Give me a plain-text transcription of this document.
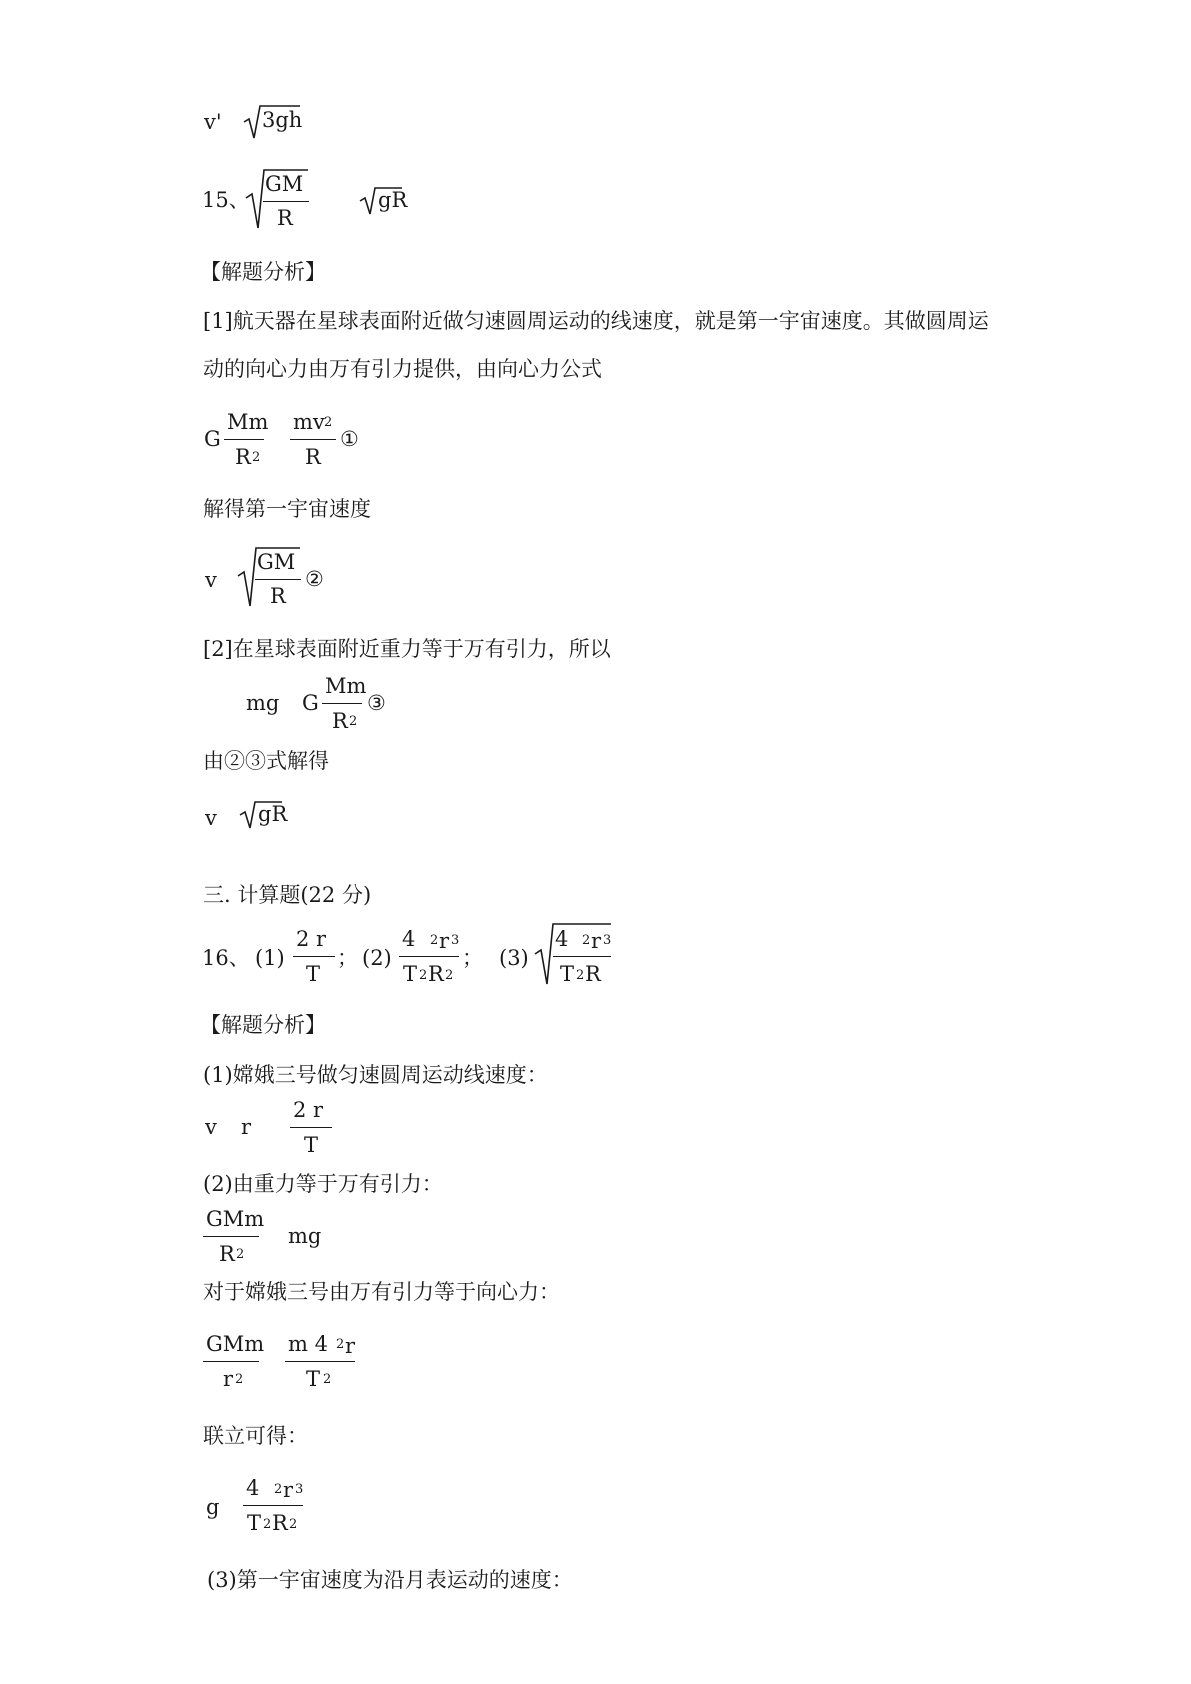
v' 3gh
15、
GM
R
gR
【解题分析】
[1]航天器在星球表面附近做匀速圆周运动的线速度，就是第一宇宙速度。其做圆周运
动的向心力由万有引力提供，由向心力公式
G
Mm
R 2
mv 2
R
①
解得第一宇宙速度
v
GM
R
②
[2]在星球表面附近重力等于万有引力，所以
mg G
Mm
R 2
③
由②③式解得
v gR
三. 计算题(22 分)
16、 (1)
2 r
T
； (2)
4 2 r 3
T 2 R 2
； (3)
4 2 r 3
T 2 R
【解题分析】
(1)嫦娥三号做匀速圆周运动线速度：
v r
2 r
T
(2)由重力等于万有引力：
GMm
R 2
mg
对于嫦娥三号由万有引力等于向心力：
GMm
r 2
m 4 2 r
T 2
联立可得：
g
4 2 r 3
T 2 R 2
(3)第一宇宙速度为沿月表运动的速度：
